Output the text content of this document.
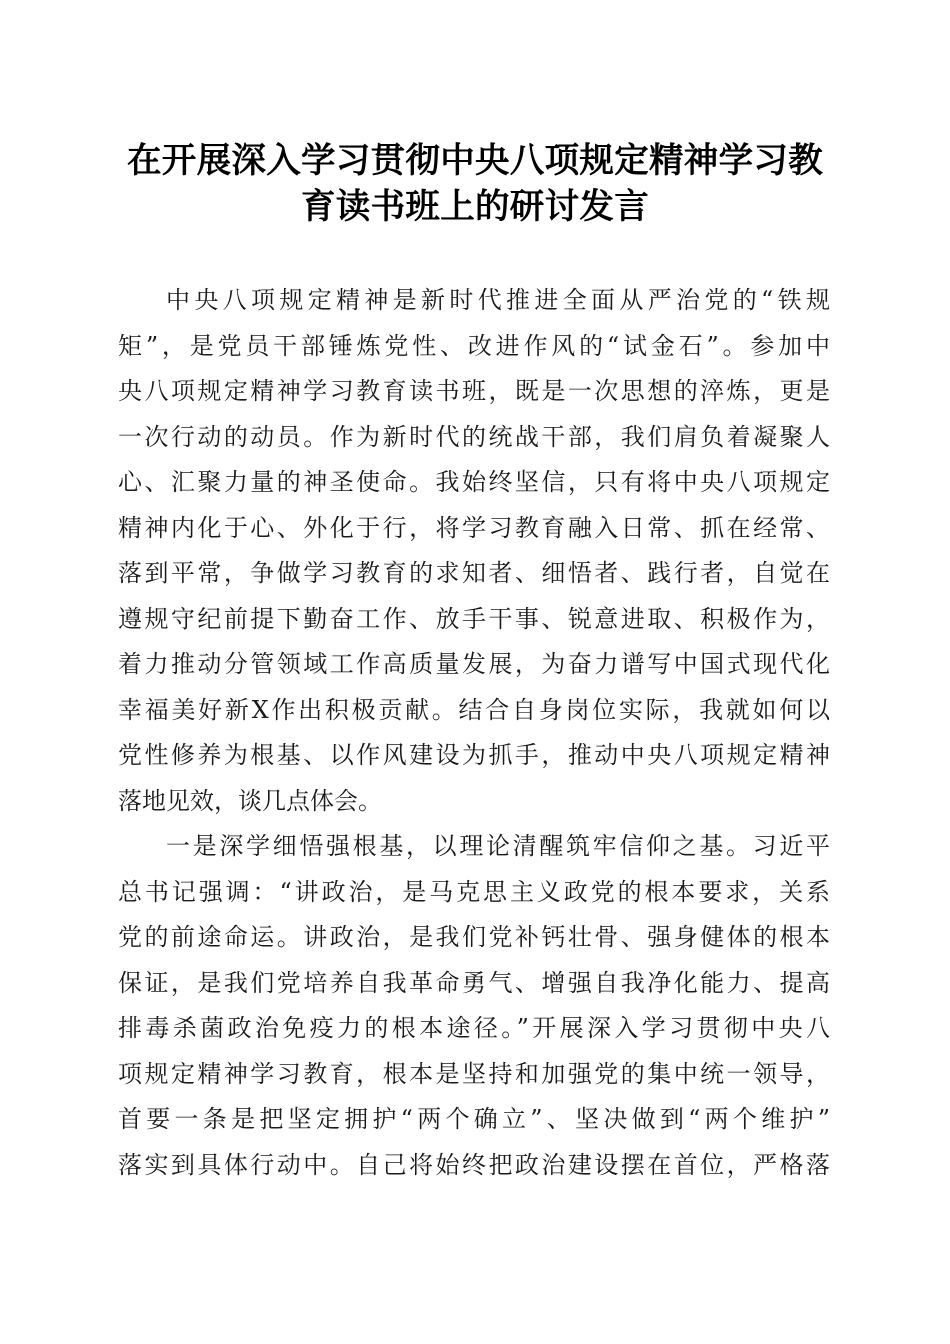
在开展深入学习贯彻中央八项规定精神学习教
育读书班上的研讨发言
中央八项规定精神是新时代推进全面从严治党的“铁规
矩”，是党员干部锤炼党性、改进作风的“试金石”。参加中
央八项规定精神学习教育读书班，既是一次思想的淬炼，更是
一次行动的动员。作为新时代的统战干部，我们肩负着凝聚人
心、汇聚力量的神圣使命。我始终坚信，只有将中央八项规定
精神内化于心、外化于行，将学习教育融入日常、抓在经常、
落到平常，争做学习教育的求知者、细悟者、践行者，自觉在
遵规守纪前提下勤奋工作、放手干事、锐意进取、积极作为，
着力推动分管领域工作高质量发展，为奋力谱写中国式现代化
幸福美好新X作出积极贡献。结合自身岗位实际，我就如何以
党性修养为根基、以作风建设为抓手，推动中央八项规定精神
落地见效，谈几点体会。
一是深学细悟强根基，以理论清醒筑牢信仰之基。习近平
总书记强调：“讲政治，是马克思主义政党的根本要求，关系
党的前途命运。讲政治，是我们党补钙壮骨、强身健体的根本
保证，是我们党培养自我革命勇气、增强自我净化能力、提高
排毒杀菌政治免疫力的根本途径。”开展深入学习贯彻中央八
项规定精神学习教育，根本是坚持和加强党的集中统一领导，
首要一条是把坚定拥护“两个确立”、坚决做到“两个维护”
落实到具体行动中。自己将始终把政治建设摆在首位，严格落
